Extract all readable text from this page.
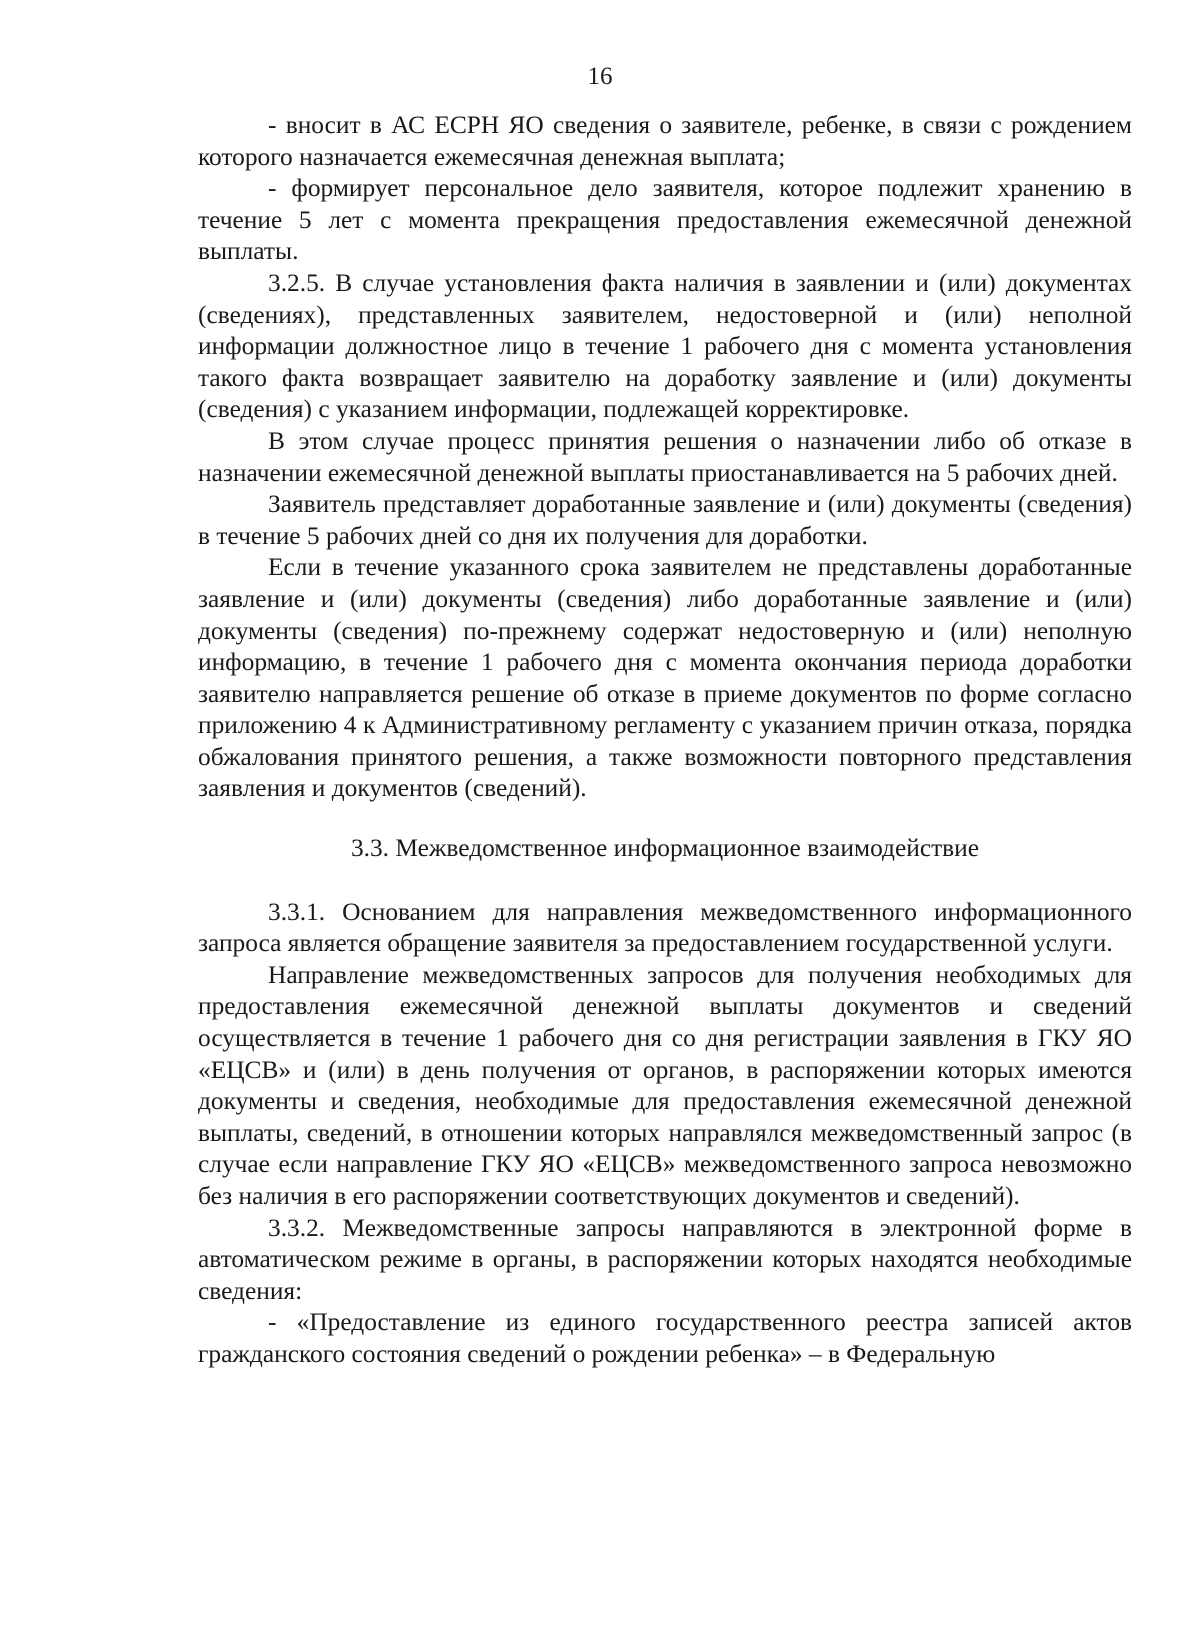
16

- вносит в АС ЕСРН ЯО сведения о заявителе, ребенке, в связи с рождением которого назначается ежемесячная денежная выплата;

- формирует персональное дело заявителя, которое подлежит хранению в течение 5 лет с момента прекращения предоставления ежемесячной денежной выплаты.

3.2.5. В случае установления факта наличия в заявлении и (или) документах (сведениях), представленных заявителем, недостоверной и (или) неполной информации должностное лицо в течение 1 рабочего дня с момента установления такого факта возвращает заявителю на доработку заявление и (или) документы (сведения) с указанием информации, подлежащей корректировке.

В этом случае процесс принятия решения о назначении либо об отказе в назначении ежемесячной денежной выплаты приостанавливается на 5 рабочих дней.

Заявитель представляет доработанные заявление и (или) документы (сведения) в течение 5 рабочих дней со дня их получения для доработки.

Если в течение указанного срока заявителем не представлены доработанные заявление и (или) документы (сведения) либо доработанные заявление и (или) документы (сведения) по-прежнему содержат недостоверную и (или) неполную информацию, в течение 1 рабочего дня с момента окончания периода доработки заявителю направляется решение об отказе в приеме документов по форме согласно приложению 4 к Административному регламенту с указанием причин отказа, порядка обжалования принятого решения, а также возможности повторного представления заявления и документов (сведений).

3.3. Межведомственное информационное взаимодействие

3.3.1. Основанием для направления межведомственного информационного запроса является обращение заявителя за предоставлением государственной услуги.

Направление межведомственных запросов для получения необходимых для предоставления ежемесячной денежной выплаты документов и сведений осуществляется в течение 1 рабочего дня со дня регистрации заявления в ГКУ ЯО «ЕЦСВ» и (или) в день получения от органов, в распоряжении которых имеются документы и сведения, необходимые для предоставления ежемесячной денежной выплаты, сведений, в отношении которых направлялся межведомственный запрос (в случае если направление ГКУ ЯО «ЕЦСВ» межведомственного запроса невозможно без наличия в его распоряжении соответствующих документов и сведений).

3.3.2. Межведомственные запросы направляются в электронной форме в автоматическом режиме в органы, в распоряжении которых находятся необходимые сведения:

- «Предоставление из единого государственного реестра записей актов гражданского состояния сведений о рождении ребенка» – в Федеральную
